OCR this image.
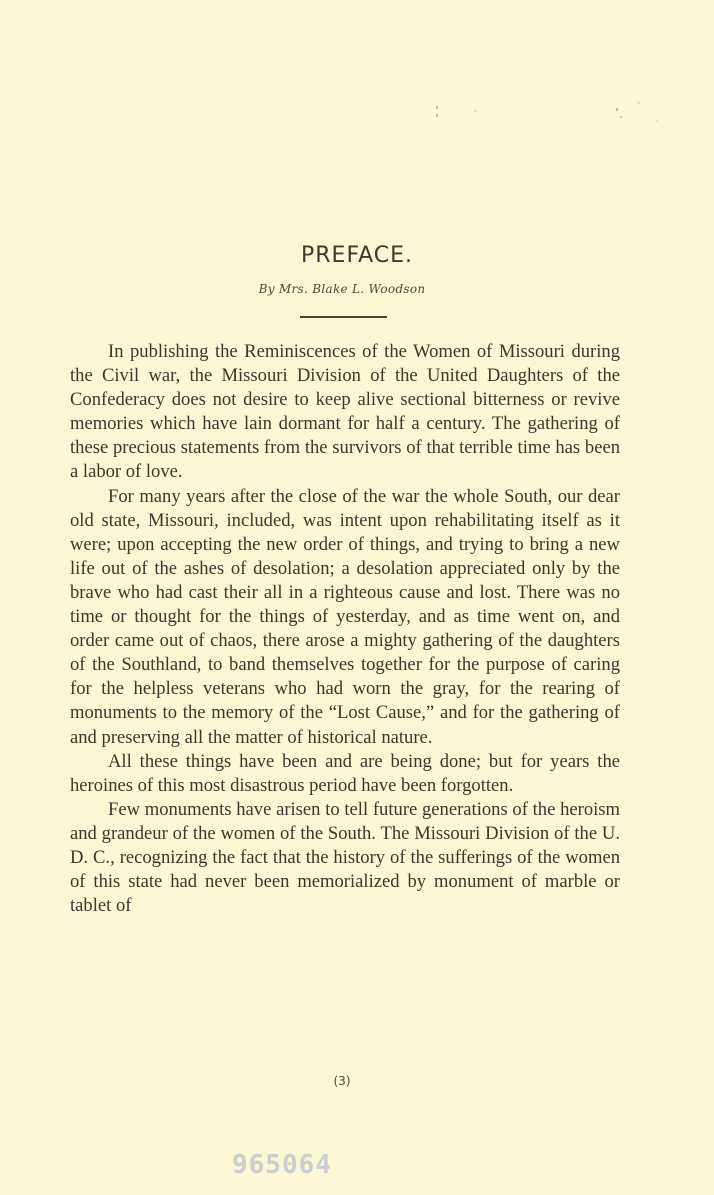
PREFACE.
By Mrs. Blake L. Woodson

In publishing the Reminiscences of the Women of Missouri during the Civil war, the Missouri Division of the United Daughters of the Confederacy does not desire to keep alive sectional bitterness or revive memories which have lain dormant for half a century. The gathering of these precious statements from the survivors of that terrible time has been a labor of love.

For many years after the close of the war the whole South, our dear old state, Missouri, included, was intent upon rehabilitating itself as it were; upon accepting the new order of things, and trying to bring a new life out of the ashes of desolation; a desolation appreciated only by the brave who had cast their all in a righteous cause and lost. There was no time or thought for the things of yesterday, and as time went on, and order came out of chaos, there arose a mighty gathering of the daughters of the Southland, to band themselves together for the purpose of caring for the helpless veterans who had worn the gray, for the rearing of monuments to the memory of the “Lost Cause,” and for the gathering of and preserving all the matter of historical nature.

All these things have been and are being done; but for years the heroines of this most disastrous period have been forgotten.

Few monuments have arisen to tell future generations of the heroism and grandeur of the women of the South. The Missouri Division of the U. D. C., recognizing the fact that the history of the sufferings of the women of this state had never been memorialized by monument of marble or tablet of

(3)
965064
